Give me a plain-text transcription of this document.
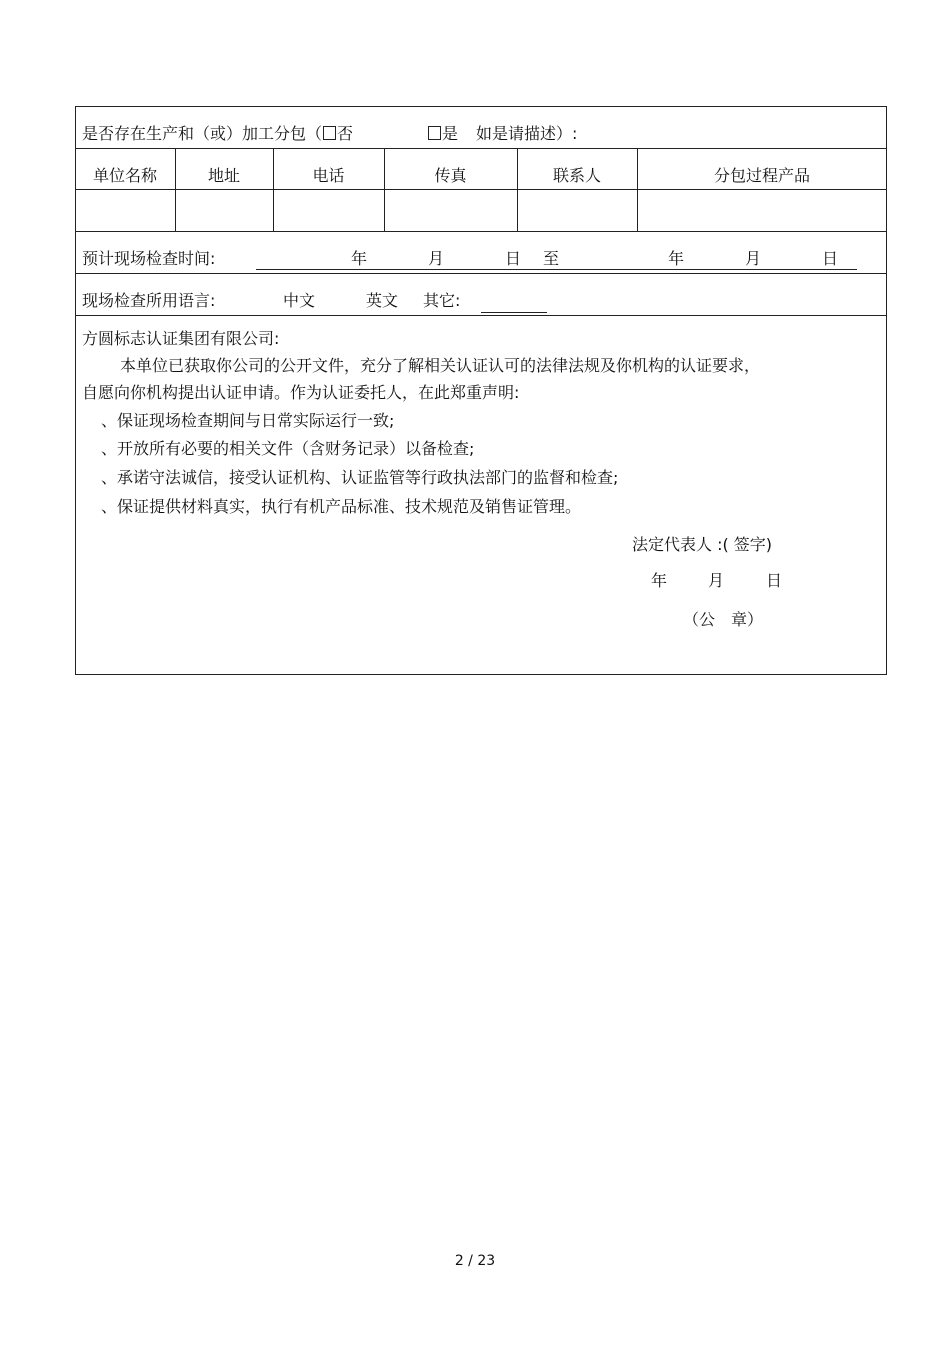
是否存在生产和（或）加工分包（ 否	是 如是请描述）:
单位名称	地址	电话	传真	联系人	分包过程产品
预计现场检查时间:	年	月	日 至	年	月	日
现场检查所用语言:	中文	英文 其它:
方圆标志认证集团有限公司:
本单位已获取你公司的公开文件，充分了解相关认证认可的法律法规及你机构的认证要求，
自愿向你机构提出认证申请。作为认证委托人，在此郑重声明:
、保证现场检查期间与日常实际运行一致;
、开放所有必要的相关文件（含财务记录）以备检查;
、承诺守法诚信，接受认证机构、认证监管等行政执法部门的监督和检查;
、保证提供材料真实，执行有机产品标准、技术规范及销售证管理。
法定代表人 :( 签字)
年	月	日
（公　章）
2 / 23
